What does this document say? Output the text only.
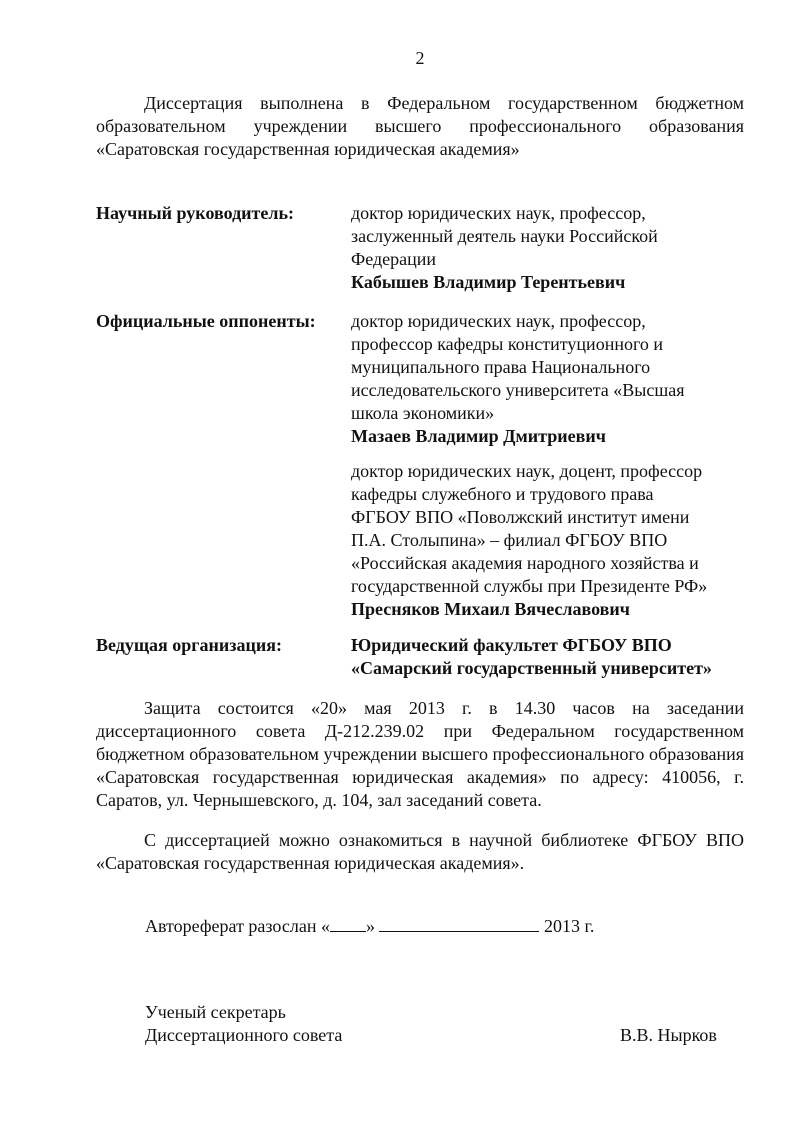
2
Диссертация выполнена в Федеральном государственном бюджетном образовательном учреждении высшего профессионального образования «Саратовская государственная юридическая академия»
Научный руководитель:	доктор юридических наук, профессор,
заслуженный деятель науки Российской
Федерации
Кабышев Владимир Терентьевич
Официальные оппоненты: доктор юридических наук, профессор,
профессор кафедры конституционного и
муниципального права Национального
исследовательского университета «Высшая
школа экономики»
Мазаев Владимир Дмитриевич
доктор юридических наук, доцент, профессор
кафедры служебного и трудового права
ФГБОУ ВПО «Поволжский институт имени
П.А. Столыпина» – филиал ФГБОУ ВПО
«Российская академия народного хозяйства и
государственной службы при Президенте РФ»
Пресняков Михаил Вячеславович
Ведущая организация:	Юридический факультет ФГБОУ ВПО
«Самарский государственный университет»
Защита состоится «20» мая 2013 г. в 14.30 часов на заседании диссертационного совета Д-212.239.02 при Федеральном государственном бюджетном образовательном учреждении высшего профессионального образования «Саратовская государственная юридическая академия» по адресу: 410056, г. Саратов, ул. Чернышевского, д. 104, зал заседаний совета.
С диссертацией можно ознакомиться в научной библиотеке ФГБОУ ВПО «Саратовская государственная юридическая академия».
Автореферат разослан « »	2013 г.
Ученый секретарь
Диссертационного совета	В.В. Нырков
